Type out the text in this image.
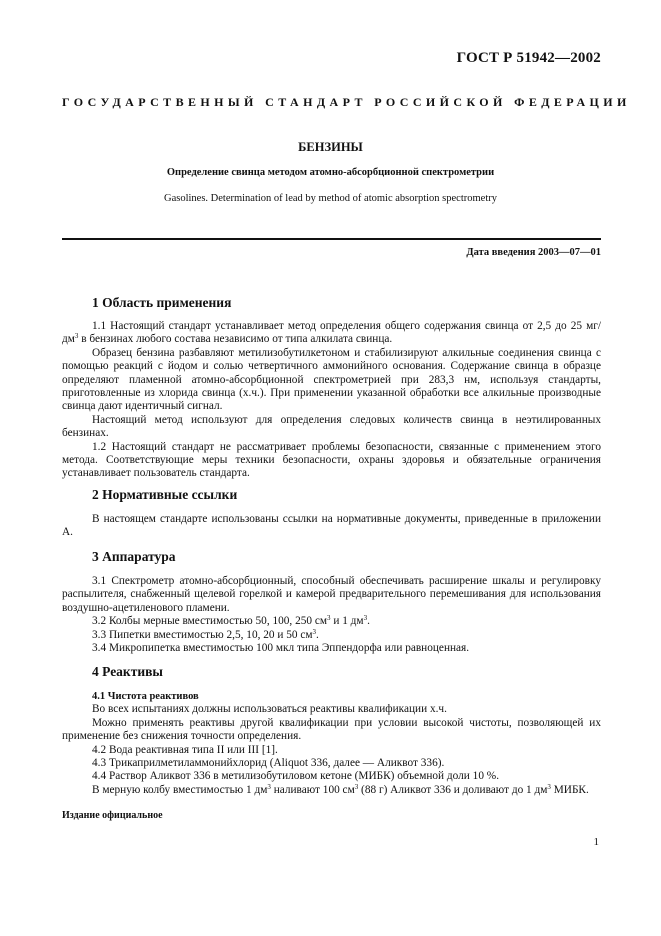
ГОСТ Р 51942—2002
ГОСУДАРСТВЕННЫЙ СТАНДАРТ РОССИЙСКОЙ ФЕДЕРАЦИИ
БЕНЗИНЫ
Определение свинца методом атомно-абсорбционной спектрометрии
Gasolines. Determination of lead by method of atomic absorption spectrometry
Дата введения 2003—07—01
1 Область применения

1.1 Настоящий стандарт устанавливает метод определения общего содержания свинца от 2,5 до 25 $мг/дм^3$ в бензинах любого состава независимо от типа алкилата свинца.

Образец бензина разбавляют метилизобутилкетоном и стабилизируют алкильные соединения свинца с помощью реакций с йодом и солью четвертичного аммонийного основания. Содержание свинца в образце определяют пламенной атомно-абсорбционной спектрометрией при 283,3 нм, используя стандарты, приготовленные из хлорида свинца (х.ч.). При применении указанной обработки все алкильные производные свинца дают идентичный сигнал.

Настоящий метод используют для определения следовых количеств свинца в неэтилированных бензинах.

1.2 Настоящий стандарт не рассматривает проблемы безопасности, связанные с применением этого метода. Соответствующие меры техники безопасности, охраны здоровья и обязательные ограничения устанавливает пользователь стандарта.

2 Нормативные ссылки

В настоящем стандарте использованы ссылки на нормативные документы, приведенные в приложении А.

3 Аппаратура

3.1 Спектрометр атомно-абсорбционный, способный обеспечивать расширение шкалы и регулировку распылителя, снабженный щелевой горелкой и камерой предварительного перемешивания для использования воздушно-ацетиленового пламени.

3.2 Колбы мерные вместимостью 50, 100, 250 $см^3$ и 1 $дм^3$.

3.3 Пипетки вместимостью 2,5, 10, 20 и 50 $см^3$.

3.4 Микропипетка вместимостью 100 мкл типа Эппендорфа или равноценная.

4 Реактивы

4.1 Чистота реактивов

Во всех испытаниях должны использоваться реактивы квалификации х.ч.

Можно применять реактивы другой квалификации при условии высокой чистоты, позволяющей их применение без снижения точности определения.

4.2 Вода реактивная типа II или III [1].

4.3 Трикаприлметиламмонийхлорид (Aliquot 336, далее — Аликвот 336).

4.4 Раствор Аликвот 336 в метилизобутиловом кетоне (МИБК) объемной доли 10 %.

В мерную колбу вместимостью 1 $дм^3$ наливают 100 $см^3$ (88 г) Аликвот 336 и доливают до 1 $дм^3$ МИБК.

Издание официальное
1
